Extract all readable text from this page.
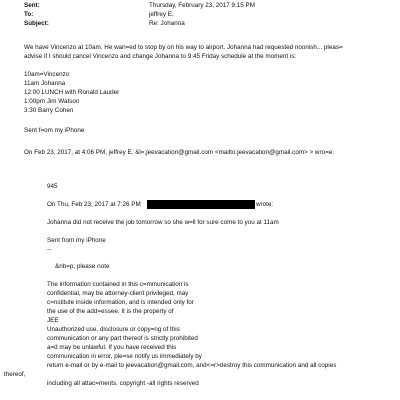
Sent:	Thursday, February 23, 2017 9:15 PM
To:	jeffrey E.
Subject:	Re: Johanna
We have Vincenzo at 10am. He wan=ed to stop by on his way to airport. Johanna had requested noonish... pleas=
advise if I should cancel Vincenzo and change Johanna to 9:45 Friday schedule at the moment is:
10am=Vincenzo
11am Johanna
12:00 LUNCH with Ronald Lauder
1:00pm Jim Watson
3:30 Barry Cohen
Sent f=om my iPhone
On Feb 23, 2017, at 4:06 PM, jeffrey E. &l=;jeevacation@gmail.com <mailto:jeevacation@gmail.com> > wro=e:
945
On Thu, Feb 23, 2017 at 7:26 PM	wrote:
Johanna did not receive the job tomorrow so she w=ll for sure come to you at 11am
Sent from my iPhone
--
&nb=p; please note
The information contained in this c=mmunication is
confidential, may be attorney-client privileged, may
c=nstitute inside information, and is intended only for
the use of the add=essee. It is the property of
JEE
Unauthorized use, disclosure or copy=ng of this
communication or any part thereof is strictly prohibited
a=d may be unlawful. If you have received this
communication in error, ple=se notify us immediately by
return e-mail or by e-mail to jeevacation@gmail.com, and<=r>destroy this communication and all copies
thereof,
including all attac=ments. copyright -all rights reserved
